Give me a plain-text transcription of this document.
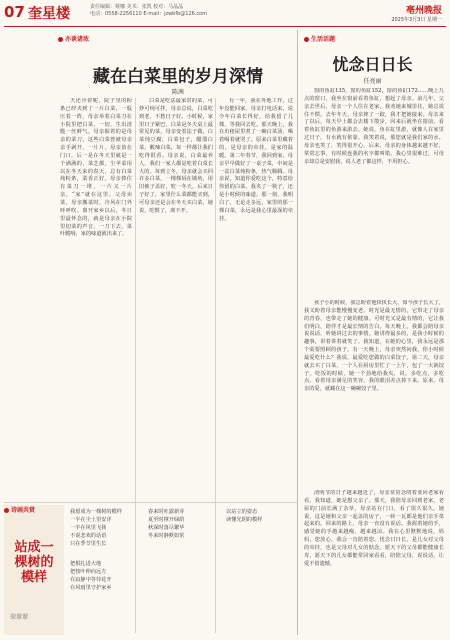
07 奎星楼	责任编辑：蔡娜 美术：张凯 校对：马晶晶
电话：0558-2256110 E-mail：jzwbfb@126.com	亳州晚报
2025年3月3日 星期一
亦谈诸浓
藏在白菜里的岁月深情
陈茜

天还冷着呢，院子里的粉条已经夹到了一片白菜，一股压着一阵，母亲举着白菜刀在小院里把白菜，一切，生出清脆一丝鲜气。母亲握着的是母亲的菜刀，这些白菜曾被母亲亲手剥开、一片片，母亲放在门口，后一是在冬天里就是一个满满的，菜芝都，尘苹菜用以在冬天来的春天，总有白菜炖粉条，菜香正好。母亲捧住有菜刀一堆，一片又一片亲，“家”就在这里。父母卖菜，母亲搬菜时，冷风在门外呼呼吹。离开家乡以后，冬日里最怀念的，就是母亲在小院里切菜的声音，一刀下去，菜叶脆响，家的味道就出来了。

白菜是吃法最家常的菜，可炒可炖可拌，母亲总说，白菜吃到老，不愁日子好。小时候，家里日子紧巴，白菜是冬天桌上最常见的菜，母亲变着法子做，白菜炖豆腐，白菜包子，醋溜白菜，酸辣白菜，每一样都让我们吃得很香。母亲说，白菜最养人，我们一家人都是吃着白菜长大的。每到立冬，母亲就会买回许多白菜，一棵棵码在墙角，用旧被子盖好，吃一冬天。后来日子好了，家里什么菜都能买到，可母亲还是会在冬天买白菜，她说，吃惯了，离不开。

有一年，我在外地工作，过年没能回家。母亲打电话来，说今年白菜长得好，给我留了几棵，等我回去吃。那天晚上，我在出租屋里煮了一碗白菜汤，喝着喝着就哭了。原来白菜里藏着的，是母亲的牵挂，是家的温暖。第二年春节，我回到家，母亲早早做好了一桌子菜，中间是一盆白菜炖粉条，热气腾腾。母亲说，知道你爱吃这个，特意给你留的白菜。我夹了一筷子，还是小时候的味道。那一刻，我明白了，无论走多远，家里的那一棵白菜，永远是我心里最深的牵挂。

诗画共赏
站成一棵树的模样
荣翠翠
我愿成为一棵树的模样
一半在尘土里安详
一半在风里飞扬
不说悲欢的话语
只在季节里生长
把根扎进大地
把枝叶伸向远方
在寂静中等待花开
在风雨里守护家乡
春来时吐露新芽
夏至时撑开绿荫
秋深时落尽繁华
冬来时静默如常
以站立的姿态
读懂光阴的模样
生活话题
忧念日日长
任亮丽

窗的鱼缸135，窗的鱼缸152，窗的鱼缸172……晚上九点的窗口，我坐在窗前看着鱼缸，想起了母亲。前几年，父亲去世后，母亲一个人住在老家，我劝她来城里住，她总说住不惯。去年冬天，母亲摔了一跤，我才把她接来。母亲来了以后，每天早上都会去楼下散步，回来后就坐在窗前，看着鱼缸里的鱼游来游去。她说，鱼在缸里游，就像人在家里过日子，有水就有依靠。我笑着说，那您就是我们家的水。母亲也笑了，笑得很开心。后来，母亲的身体越来越不好，常常忘事，有时候连我的名字都叫错。我心里很难过，可母亲却总是安慰我，说人老了都这样，不用担心。

孩子小的时候，我总盼着他快快长大，如今孩子长大了，我又盼着母亲能慢慢变老。时光是最无情的，它带走了母亲的青春，也带走了她的健康。可时光又是最有情的，它让我们明白，陪伴才是最长情的告白。每天晚上，我都会陪母亲说说话，听她讲过去的事情。她讲得最多的，是我小时候的趣事，讲着讲着就笑了。我知道，在她的心里，我永远是那个需要照顾的孩子。有一天晚上，母亲突然问我，你小时候最爱吃什么？我说，最爱吃您做的白菜饺子。第二天，母亲就去买了白菜，一个人在厨房里忙了一上午，包了一大锅饺子。吃饭的时候，她一个劲地给我夹，说，多吃点，多吃点。看着母亲满足的笑容，我的眼泪差点掉下来。原来，母亲的爱，就藏在这一碗碗饺子里。

清明节的日子越来越近了，母亲常常念叨着要回老家看看。我知道，她是想父亲了。那天，我陪母亲回到老家，老屋的门前长满了杂草，母亲站在门口，看了很久很久。她说，这是她和父亲一起盖的房子，一砖一瓦都是他们亲手垒起来的。回来的路上，母亲一直没有说话。我握着她的手，感觉她的手越来越瘦，越来越凉。我在心里默默地说，妈妈，您放心，我会一直陪着您。忧念日日长，是儿女对父母的牵挂，也是父母对儿女的惦念。愿天下的父母都能健康长寿，愿天下的儿女都能常回家看看，陪陪父母，说说话，让爱不留遗憾。
